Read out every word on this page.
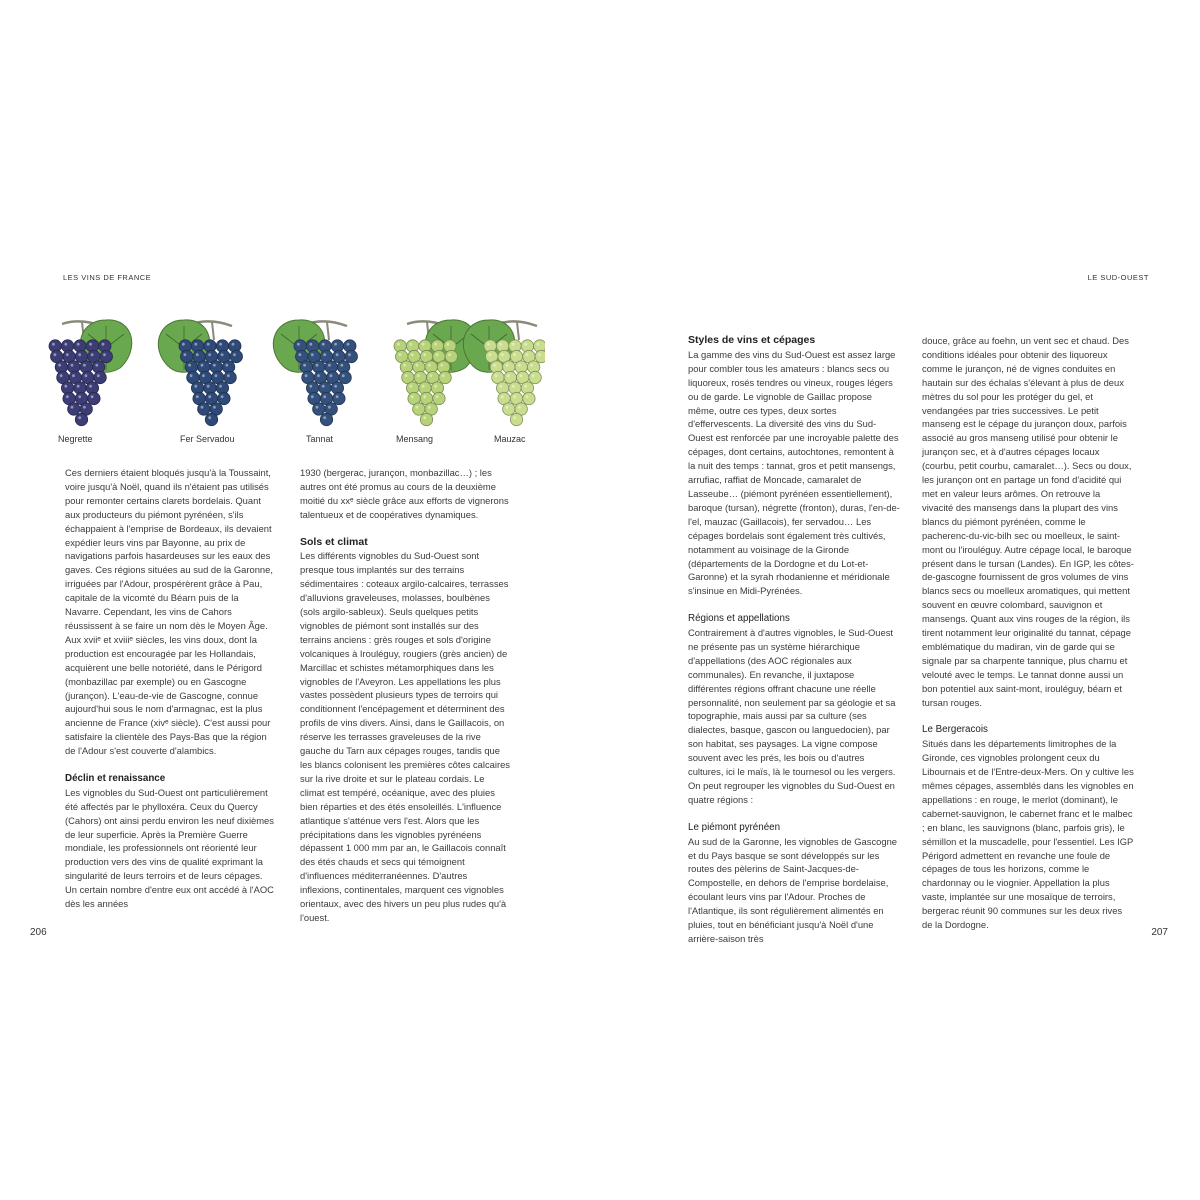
LES VINS DE FRANCE	LE SUD-OUEST
Negrette	Fer Servadou	Tannat	Mensang	Mauzac

Ces derniers étaient bloqués jusqu'à la Toussaint, voire jusqu'à Noël, quand ils n'étaient pas utilisés pour remonter certains clarets bordelais. Quant aux producteurs du piémont pyrénéen, s'ils échappaient à l'emprise de Bordeaux, ils devaient expédier leurs vins par Bayonne, au prix de navigations parfois hasardeuses sur les eaux des gaves. Ces régions situées au sud de la Garonne, irriguées par l'Adour, prospérèrent grâce à Pau, capitale de la vicomté du Béarn puis de la Navarre. Cependant, les vins de Cahors réussissent à se faire un nom dès le Moyen Âge. Aux xviiᵉ et xviiiᵉ siècles, les vins doux, dont la production est encouragée par les Hollandais, acquièrent une belle notoriété, dans le Périgord (monbazillac par exemple) ou en Gascogne (jurançon). L'eau-de-vie de Gascogne, connue aujourd'hui sous le nom d'armagnac, est la plus ancienne de France (xivᵉ siècle). C'est aussi pour satisfaire la clientèle des Pays-Bas que la région de l'Adour s'est couverte d'alambics.

Déclin et renaissance

Les vignobles du Sud-Ouest ont particulièrement été affectés par le phylloxéra. Ceux du Quercy (Cahors) ont ainsi perdu environ les neuf dixièmes de leur superficie. Après la Première Guerre mondiale, les professionnels ont réorienté leur production vers des vins de qualité exprimant la singularité de leurs terroirs et de leurs cépages. Un certain nombre d'entre eux ont accédé à l'AOC dès les années

1930 (bergerac, jurançon, monbazillac…) ; les autres ont été promus au cours de la deuxième moitié du xxᵉ siècle grâce aux efforts de vignerons talentueux et de coopératives dynamiques.

Sols et climat

Les différents vignobles du Sud-Ouest sont presque tous implantés sur des terrains sédimentaires : coteaux argilo-calcaires, terrasses d'alluvions graveleuses, molasses, boulbènes (sols argilo-sableux). Seuls quelques petits vignobles de piémont sont installés sur des terrains anciens : grès rouges et sols d'origine volcaniques à Irouléguy, rougiers (grès ancien) de Marcillac et schistes métamorphiques dans les vignobles de l'Aveyron. Les appellations les plus vastes possèdent plusieurs types de terroirs qui conditionnent l'encépagement et déterminent des profils de vins divers. Ainsi, dans le Gaillacois, on réserve les terrasses graveleuses de la rive gauche du Tarn aux cépages rouges, tandis que les blancs colonisent les premières côtes calcaires sur la rive droite et sur le plateau cordais. Le climat est tempéré, océanique, avec des pluies bien réparties et des étés ensoleillés. L'influence atlantique s'atténue vers l'est. Alors que les précipitations dans les vignobles pyrénéens dépassent 1 000 mm par an, le Gaillacois connaît des étés chauds et secs qui témoignent d'influences méditerranéennes. D'autres inflexions, continentales, marquent ces vignobles orientaux, avec des hivers un peu plus rudes qu'à l'ouest.

Styles de vins et cépages

La gamme des vins du Sud-Ouest est assez large pour combler tous les amateurs : blancs secs ou liquoreux, rosés tendres ou vineux, rouges légers ou de garde. Le vignoble de Gaillac propose même, outre ces types, deux sortes d'effervescents. La diversité des vins du Sud-Ouest est renforcée par une incroyable palette des cépages, dont certains, autochtones, remontent à la nuit des temps : tannat, gros et petit mansengs, arrufiac, raffiat de Moncade, camaralet de Lasseube… (piémont pyrénéen essentiellement), baroque (tursan), négrette (fronton), duras, l'en-de-l'el, mauzac (Gaillacois), fer servadou… Les cépages bordelais sont également très cultivés, notamment au voisinage de la Gironde (départements de la Dordogne et du Lot-et-Garonne) et la syrah rhodanienne et méridionale s'insinue en Midi-Pyrénées.

Régions et appellations

Contrairement à d'autres vignobles, le Sud-Ouest ne présente pas un système hiérarchique d'appellations (des AOC régionales aux communales). En revanche, il juxtapose différentes régions offrant chacune une réelle personnalité, non seulement par sa géologie et sa topographie, mais aussi par sa culture (ses dialectes, basque, gascon ou languedocien), par son habitat, ses paysages. La vigne compose souvent avec les prés, les bois ou d'autres cultures, ici le maïs, là le tournesol ou les vergers. On peut regrouper les vignobles du Sud-Ouest en quatre régions :

Le piémont pyrénéen

Au sud de la Garonne, les vignobles de Gascogne et du Pays basque se sont développés sur les routes des pèlerins de Saint-Jacques-de-Compostelle, en dehors de l'emprise bordelaise, écoulant leurs vins par l'Adour. Proches de l'Atlantique, ils sont régulièrement alimentés en pluies, tout en bénéficiant jusqu'à Noël d'une arrière-saison très

douce, grâce au foehn, un vent sec et chaud. Des conditions idéales pour obtenir des liquoreux comme le jurançon, né de vignes conduites en hautain sur des échalas s'élevant à plus de deux mètres du sol pour les protéger du gel, et vendangées par tries successives. Le petit manseng est le cépage du jurançon doux, parfois associé au gros manseng utilisé pour obtenir le jurançon sec, et à d'autres cépages locaux (courbu, petit courbu, camaralet…). Secs ou doux, les jurançon ont en partage un fond d'acidité qui met en valeur leurs arômes. On retrouve la vivacité des mansengs dans la plupart des vins blancs du piémont pyrénéen, comme le pacherenc-du-vic-bilh sec ou moelleux, le saint-mont ou l'irouléguy. Autre cépage local, le baroque présent dans le tursan (Landes). En IGP, les côtes-de-gascogne fournissent de gros volumes de vins blancs secs ou moelleux aromatiques, qui mettent souvent en œuvre colombard, sauvignon et mansengs. Quant aux vins rouges de la région, ils tirent notamment leur originalité du tannat, cépage emblématique du madiran, vin de garde qui se signale par sa charpente tannique, plus charnu et velouté avec le temps. Le tannat donne aussi un bon potentiel aux saint-mont, irouléguy, béarn et tursan rouges.

Le Bergeracois

Situés dans les départements limitrophes de la Gironde, ces vignobles prolongent ceux du Libournais et de l'Entre-deux-Mers. On y cultive les mêmes cépages, assemblés dans les vignobles en appellations : en rouge, le merlot (dominant), le cabernet-sauvignon, le cabernet franc et le malbec ; en blanc, les sauvignons (blanc, parfois gris), le sémillon et la muscadelle, pour l'essentiel. Les IGP Périgord admettent en revanche une foule de cépages de tous les horizons, comme le chardonnay ou le viognier. Appellation la plus vaste, implantée sur une mosaïque de terroirs, bergerac réunit 90 communes sur les deux rives de la Dordogne.

206	207
